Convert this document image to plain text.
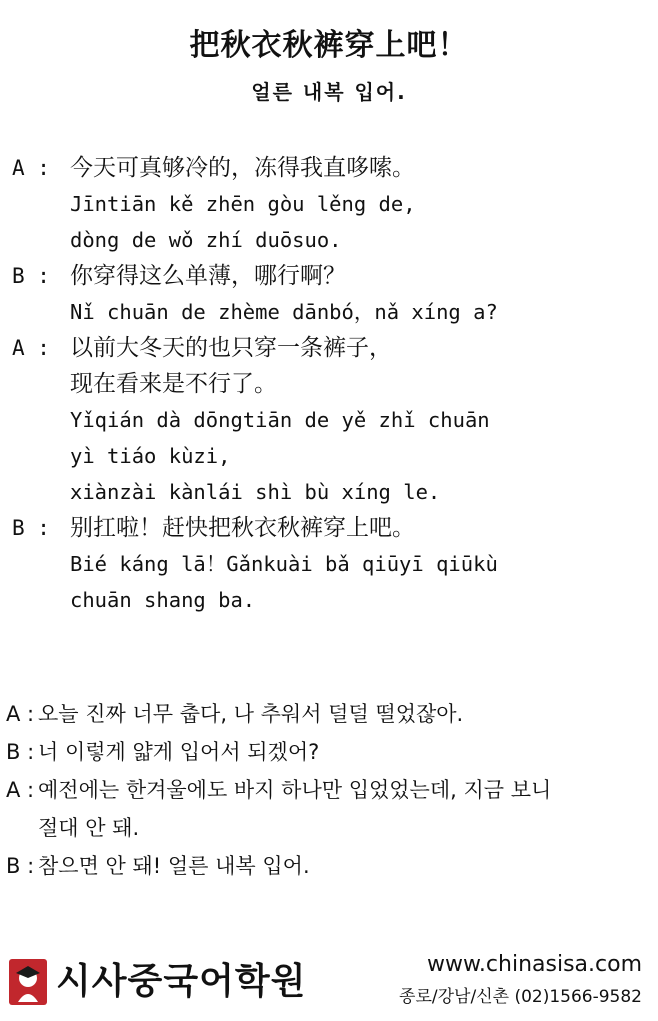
把秋衣秋裤穿上吧！
얼른 내복 입어.
A : 今天可真够冷的，冻得我直哆嗦。
Jīntiān kě zhēn gòu lěng de,
dòng de wǒ zhí duōsuo.
B : 你穿得这么单薄，哪行啊？
Nǐ chuān de zhème dānbó，nǎ xíng a?
A : 以前大冬天的也只穿一条裤子，
现在看来是不行了。
Yǐqián dà dōngtiān de yě zhǐ chuān
yì tiáo kùzi,
xiànzài kànlái shì bù xíng le.
B : 别扛啦！赶快把秋衣秋裤穿上吧。
Bié káng lā！Gǎnkuài bǎ qiūyī qiūkù
chuān shang ba.
A : 오늘 진짜 너무 춥다, 나 추워서 덜덜 떨었잖아.
B : 너 이렇게 얇게 입어서 되겠어?
A : 예전에는 한겨울에도 바지 하나만 입었었는데, 지금 보니
절대 안 돼.
B : 참으면 안 돼! 얼른 내복 입어.
시사중국어학원	www.chinasisa.com
종로/강남/신촌 (02)1566-9582
